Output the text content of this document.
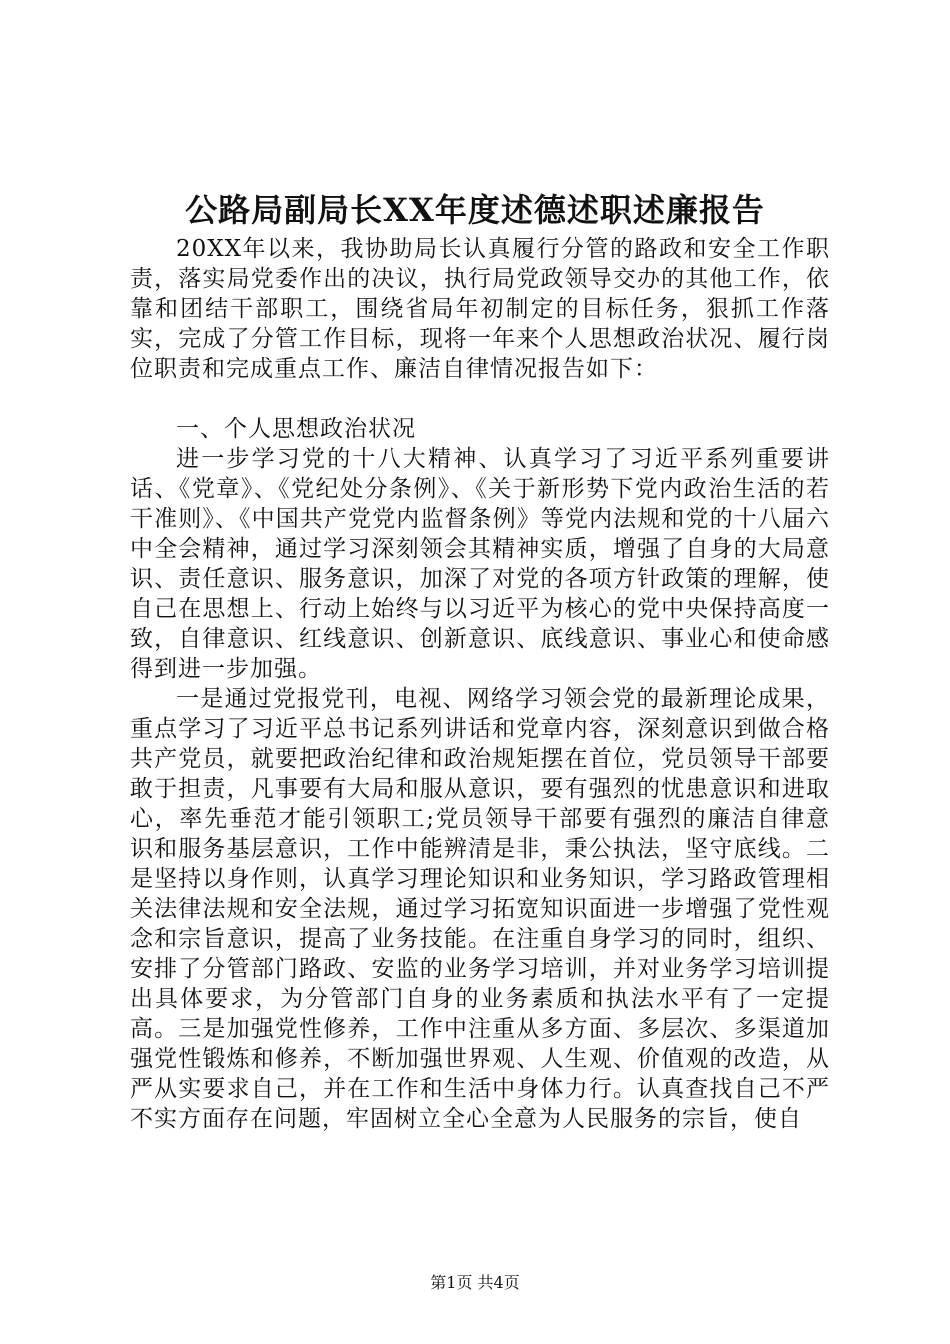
公路局副局长XX年度述德述职述廉报告

20XX年以来，我协助局长认真履行分管的路政和安全工作职责，落实局党委作出的决议，执行局党政领导交办的其他工作，依靠和团结干部职工，围绕省局年初制定的目标任务，狠抓工作落实，完成了分管工作目标，现将一年来个人思想政治状况、履行岗位职责和完成重点工作、廉洁自律情况报告如下：

一、个人思想政治状况

进一步学习党的十八大精神、认真学习了习近平系列重要讲话、《党章》、《党纪处分条例》、《关于新形势下党内政治生活的若干准则》、《中国共产党党内监督条例》等党内法规和党的十八届六中全会精神，通过学习深刻领会其精神实质，增强了自身的大局意识、责任意识、服务意识，加深了对党的各项方针政策的理解，使自己在思想上、行动上始终与以习近平为核心的党中央保持高度一致，自律意识、红线意识、创新意识、底线意识、事业心和使命感得到进一步加强。

一是通过党报党刊，电视、网络学习领会党的最新理论成果，重点学习了习近平总书记系列讲话和党章内容，深刻意识到做合格共产党员，就要把政治纪律和政治规矩摆在首位，党员领导干部要敢于担责，凡事要有大局和服从意识，要有强烈的忧患意识和进取心，率先垂范才能引领职工;党员领导干部要有强烈的廉洁自律意识和服务基层意识，工作中能辨清是非，秉公执法，坚守底线。二是坚持以身作则，认真学习理论知识和业务知识，学习路政管理相关法律法规和安全法规，通过学习拓宽知识面进一步增强了党性观念和宗旨意识，提高了业务技能。在注重自身学习的同时，组织、安排了分管部门路政、安监的业务学习培训，并对业务学习培训提出具体要求，为分管部门自身的业务素质和执法水平有了一定提高。三是加强党性修养，工作中注重从多方面、多层次、多渠道加强党性锻炼和修养，不断加强世界观、人生观、价值观的改造，从严从实要求自己，并在工作和生活中身体力行。认真查找自己不严不实方面存在问题，牢固树立全心全意为人民服务的宗旨，使自

第1页 共4页
